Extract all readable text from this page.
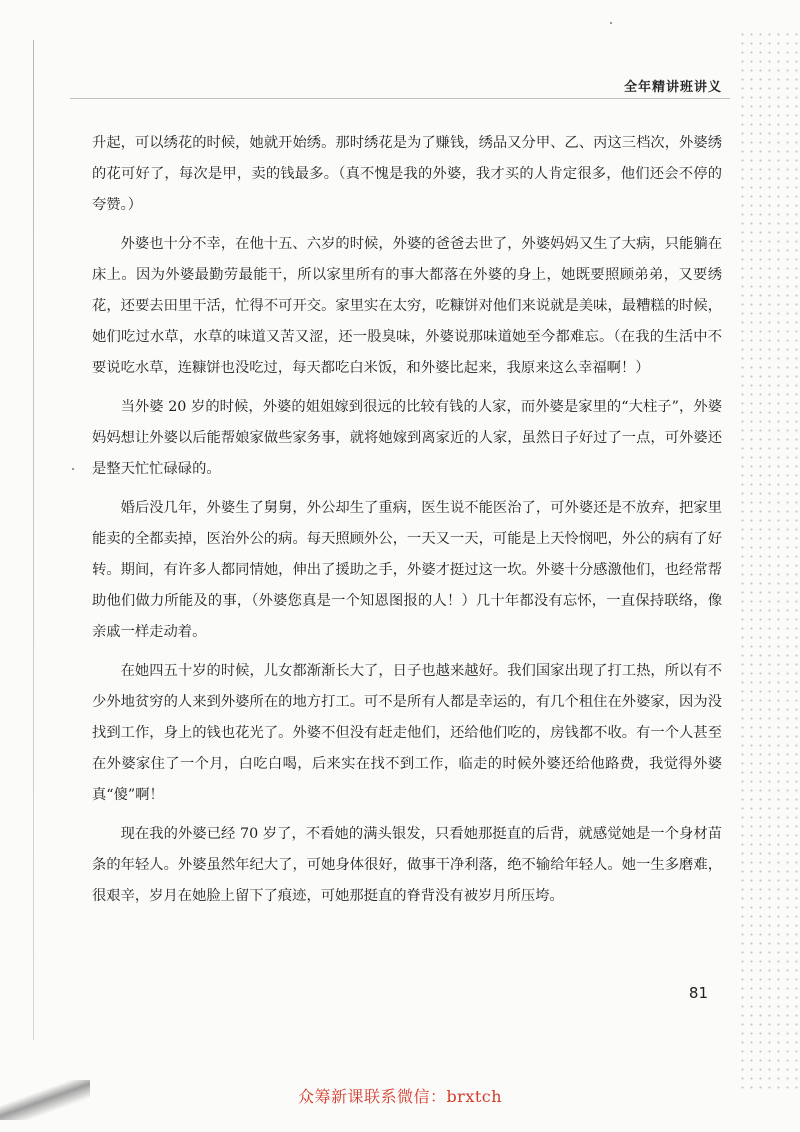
全年精讲班讲义

升起，可以绣花的时候，她就开始绣。那时绣花是为了赚钱，绣品又分甲、乙、丙这三档次，外婆绣的花可好了，每次是甲，卖的钱最多。（真不愧是我的外婆，我才买的人肯定很多，他们还会不停的夸赞。）

外婆也十分不幸，在他十五、六岁的时候，外婆的爸爸去世了，外婆妈妈又生了大病，只能躺在床上。因为外婆最勤劳最能干，所以家里所有的事大都落在外婆的身上，她既要照顾弟弟，又要绣花，还要去田里干活，忙得不可开交。家里实在太穷，吃糠饼对他们来说就是美味，最糟糕的时候，她们吃过水草，水草的味道又苦又涩，还一股臭味，外婆说那味道她至今都难忘。（在我的生活中不要说吃水草，连糠饼也没吃过，每天都吃白米饭，和外婆比起来，我原来这么幸福啊！）

当外婆 20 岁的时候，外婆的姐姐嫁到很远的比较有钱的人家，而外婆是家里的“大柱子”，外婆妈妈想让外婆以后能帮娘家做些家务事，就将她嫁到离家近的人家，虽然日子好过了一点，可外婆还是整天忙忙碌碌的。

婚后没几年，外婆生了舅舅，外公却生了重病，医生说不能医治了，可外婆还是不放弃，把家里能卖的全都卖掉，医治外公的病。每天照顾外公，一天又一天，可能是上天怜悯吧，外公的病有了好转。期间，有许多人都同情她，伸出了援助之手，外婆才挺过这一坎。外婆十分感激他们，也经常帮助他们做力所能及的事，（外婆您真是一个知恩图报的人！）几十年都没有忘怀，一直保持联络，像亲戚一样走动着。

在她四五十岁的时候，儿女都渐渐长大了，日子也越来越好。我们国家出现了打工热，所以有不少外地贫穷的人来到外婆所在的地方打工。可不是所有人都是幸运的，有几个租住在外婆家，因为没找到工作，身上的钱也花光了。外婆不但没有赶走他们，还给他们吃的，房钱都不收。有一个人甚至在外婆家住了一个月，白吃白喝，后来实在找不到工作，临走的时候外婆还给他路费，我觉得外婆真“傻”啊！

现在我的外婆已经 70 岁了，不看她的满头银发，只看她那挺直的后背，就感觉她是一个身材苗条的年轻人。外婆虽然年纪大了，可她身体很好，做事干净利落，绝不输给年轻人。她一生多磨难，很艰辛，岁月在她脸上留下了痕迹，可她那挺直的脊背没有被岁月所压垮。

81
众筹新课联系微信：brxtch
